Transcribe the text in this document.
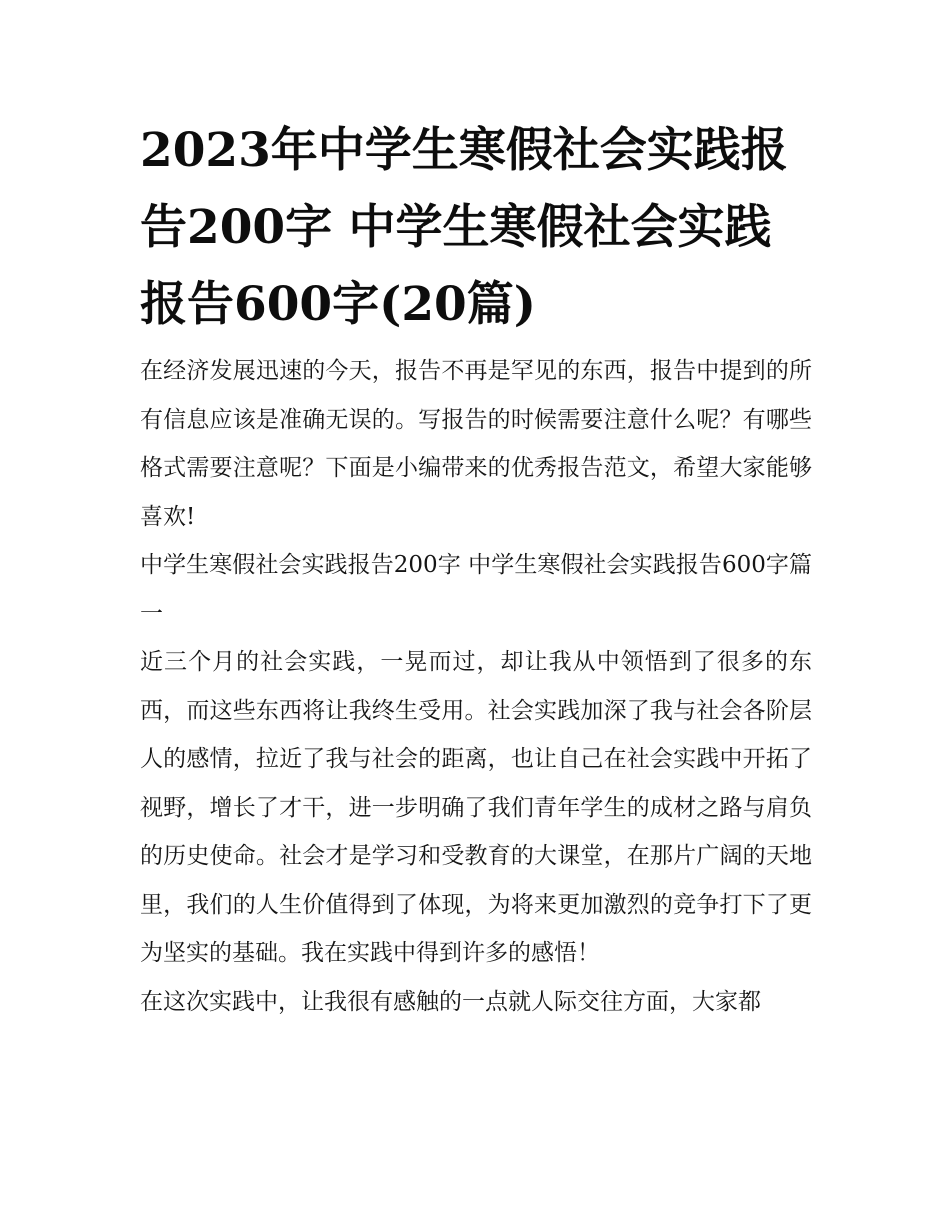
2023年中学生寒假社会实践报告200字 中学生寒假社会实践报告600字(20篇)

在经济发展迅速的今天，报告不再是罕见的东西，报告中提到的所有信息应该是准确无误的。写报告的时候需要注意什么呢？有哪些格式需要注意呢？下面是小编带来的优秀报告范文，希望大家能够喜欢!

中学生寒假社会实践报告200字 中学生寒假社会实践报告600字篇一

近三个月的社会实践，一晃而过，却让我从中领悟到了很多的东西，而这些东西将让我终生受用。社会实践加深了我与社会各阶层人的感情，拉近了我与社会的距离，也让自己在社会实践中开拓了视野，增长了才干，进一步明确了我们青年学生的成材之路与肩负的历史使命。社会才是学习和受教育的大课堂，在那片广阔的天地里，我们的人生价值得到了体现，为将来更加激烈的竞争打下了更为坚实的基础。我在实践中得到许多的感悟！

在这次实践中，让我很有感触的一点就人际交往方面，大家都
